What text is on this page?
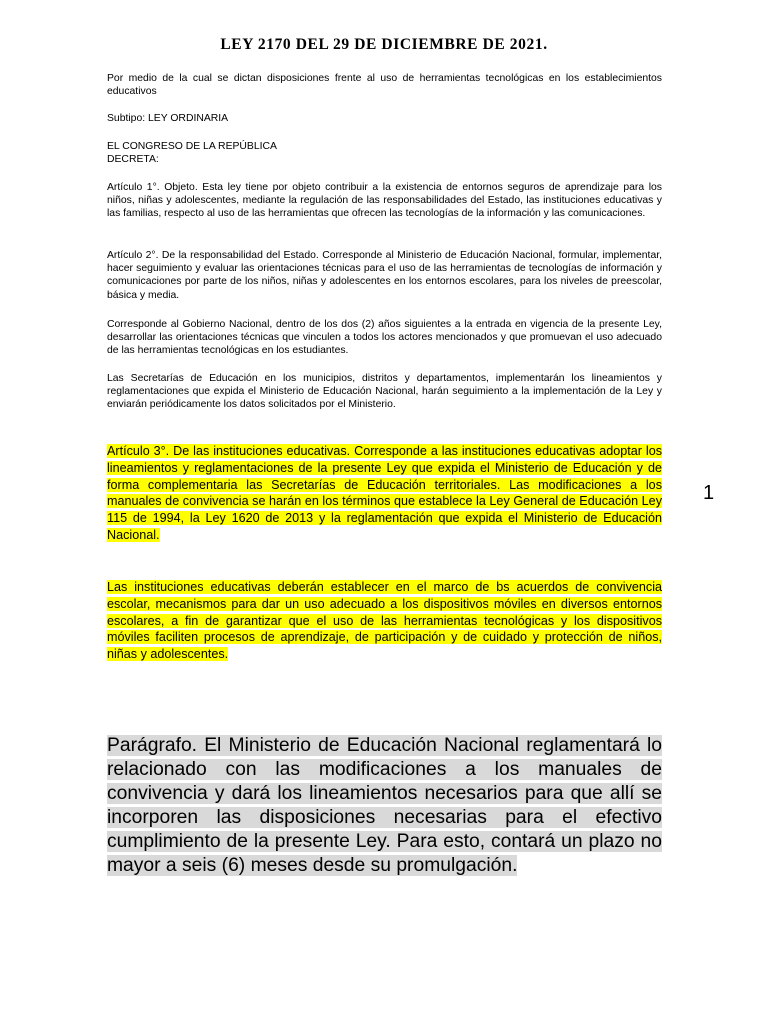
LEY 2170 DEL 29 DE DICIEMBRE DE 2021.

Por medio de la cual se dictan disposiciones frente al uso de herramientas tecnológicas en los establecimientos educativos

Subtipo: LEY ORDINARIA

EL CONGRESO DE LA REPÚBLICA

DECRETA:

Artículo 1°. Objeto. Esta ley tiene por objeto contribuir a la existencia de entornos seguros de aprendizaje para los niños, niñas y adolescentes, mediante la regulación de las responsabilidades del Estado, las instituciones educativas y las familias, respecto al uso de las herramientas que ofrecen las tecnologías de la información y las comunicaciones.

Artículo 2°. De la responsabilidad del Estado. Corresponde al Ministerio de Educación Nacional, formular, implementar, hacer seguimiento y evaluar las orientaciones técnicas para el uso de las herramientas de tecnologías de información y comunicaciones por parte de los niños, niñas y adolescentes en los entornos escolares, para los niveles de preescolar, básica y media.

Corresponde al Gobierno Nacional, dentro de los dos (2) años siguientes a la entrada en vigencia de la presente Ley, desarrollar las orientaciones técnicas que vinculen a todos los actores mencionados y que promuevan el uso adecuado de las herramientas tecnológicas en los estudiantes.

Las Secretarías de Educación en los municipios, distritos y departamentos, implementarán los lineamientos y reglamentaciones que expida el Ministerio de Educación Nacional, harán seguimiento a la implementación de la Ley y enviarán periódicamente los datos solicitados por el Ministerio.

Artículo 3°. De las instituciones educativas. Corresponde a las instituciones educativas adoptar los lineamientos y reglamentaciones de la presente Ley que expida el Ministerio de Educación y de forma complementaria las Secretarías de Educación territoriales. Las modificaciones a los manuales de convivencia se harán en los términos que establece la Ley General de Educación Ley 115 de 1994, la Ley 1620 de 2013 y la reglamentación que expida el Ministerio de Educación Nacional.

Las instituciones educativas deberán establecer en el marco de bs acuerdos de convivencia escolar, mecanismos para dar un uso adecuado a los dispositivos móviles en diversos entornos escolares, a fin de garantizar que el uso de las herramientas tecnológicas y los dispositivos móviles faciliten procesos de aprendizaje, de participación y de cuidado y protección de niños, niñas y adolescentes.

Parágrafo. El Ministerio de Educación Nacional reglamentará lo relacionado con las modificaciones a los manuales de convivencia y dará los lineamientos necesarios para que allí se incorporen las disposiciones necesarias para el efectivo cumplimiento de la presente Ley. Para esto, contará un plazo no mayor a seis (6) meses desde su promulgación.

1
